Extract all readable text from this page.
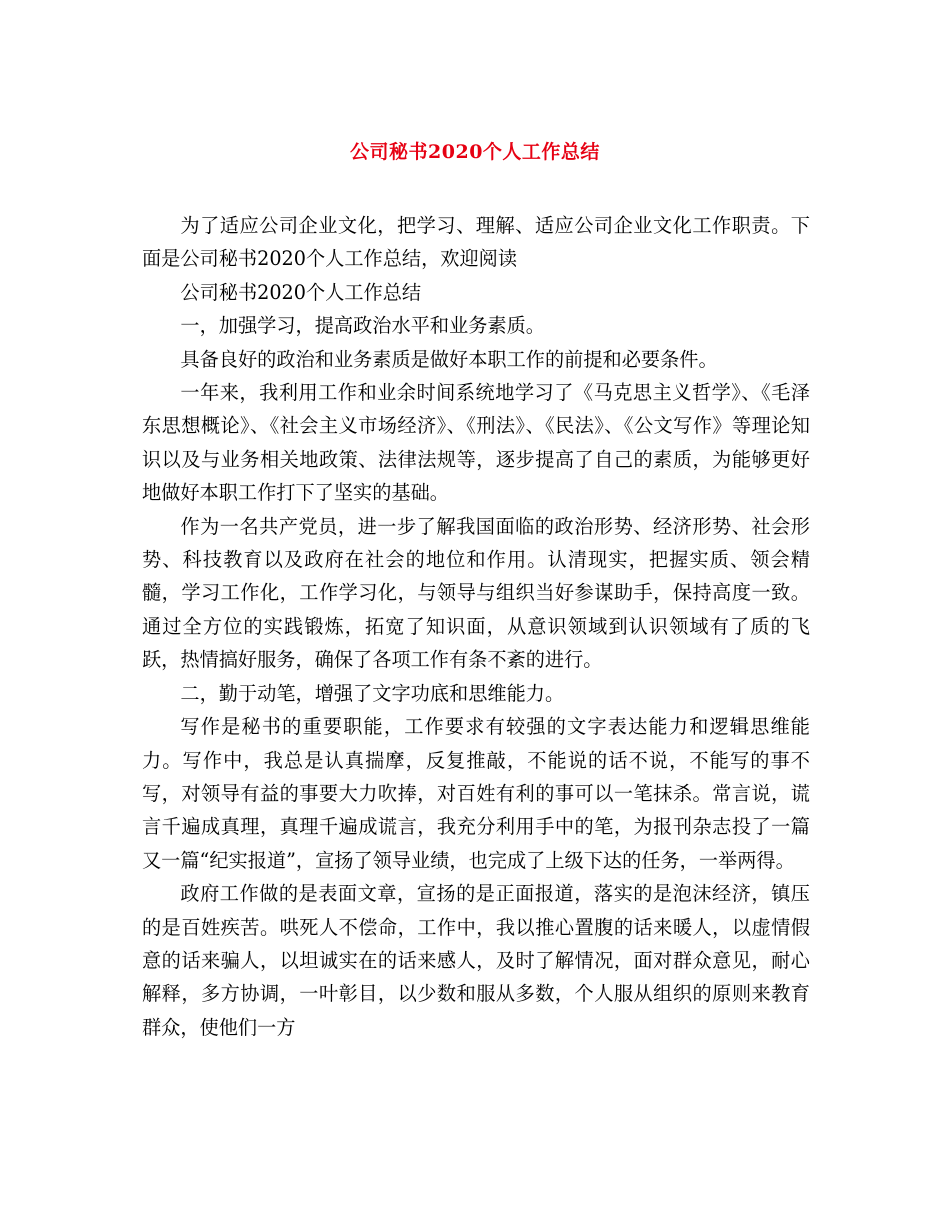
公司秘书2020个人工作总结

为了适应公司企业文化，把学习、理解、适应公司企业文化工作职责。下面是公司秘书2020个人工作总结，欢迎阅读

公司秘书2020个人工作总结

一，加强学习，提高政治水平和业务素质。

具备良好的政治和业务素质是做好本职工作的前提和必要条件。

一年来，我利用工作和业余时间系统地学习了《马克思主义哲学》、《毛泽东思想概论》、《社会主义市场经济》、《刑法》、《民法》、《公文写作》等理论知识以及与业务相关地政策、法律法规等，逐步提高了自己的素质，为能够更好地做好本职工作打下了坚实的基础。

作为一名共产党员，进一步了解我国面临的政治形势、经济形势、社会形势、科技教育以及政府在社会的地位和作用。认清现实，把握实质、领会精髓，学习工作化，工作学习化，与领导与组织当好参谋助手，保持高度一致。通过全方位的实践锻炼，拓宽了知识面，从意识领域到认识领域有了质的飞跃，热情搞好服务，确保了各项工作有条不紊的进行。

二，勤于动笔，增强了文字功底和思维能力。

写作是秘书的重要职能，工作要求有较强的文字表达能力和逻辑思维能力。写作中，我总是认真揣摩，反复推敲，不能说的话不说，不能写的事不写，对领导有益的事要大力吹捧，对百姓有利的事可以一笔抹杀。常言说，谎言千遍成真理，真理千遍成谎言，我充分利用手中的笔，为报刊杂志投了一篇又一篇“纪实报道”，宣扬了领导业绩，也完成了上级下达的任务，一举两得。

政府工作做的是表面文章，宣扬的是正面报道，落实的是泡沫经济，镇压的是百姓疾苦。哄死人不偿命，工作中，我以推心置腹的话来暖人，以虚情假意的话来骗人，以坦诚实在的话来感人，及时了解情况，面对群众意见，耐心解释，多方协调，一叶彰目，以少数和服从多数，个人服从组织的原则来教育群众，使他们一方
